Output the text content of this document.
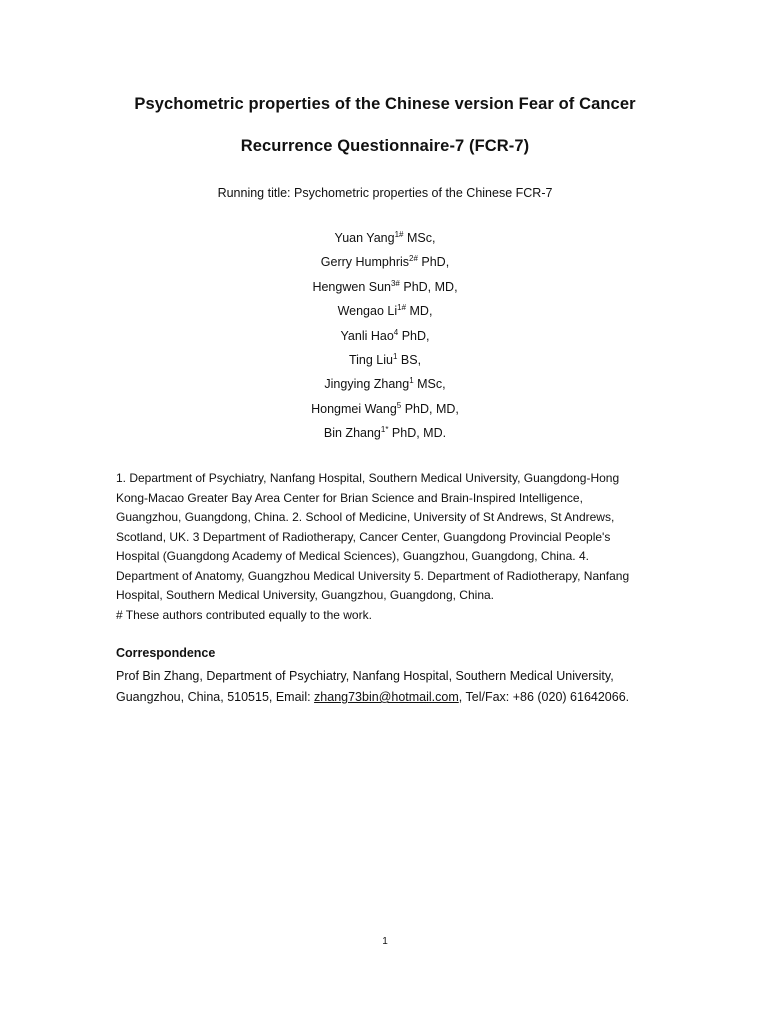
Psychometric properties of the Chinese version Fear of Cancer
Recurrence Questionnaire-7 (FCR-7)
Running title: Psychometric properties of the Chinese FCR-7
Yuan Yang$^{1\#}$ MSc,
Gerry Humphris$^{2\#}$ PhD,
Hengwen Sun$^{3\#}$ PhD, MD,
Wengao $Li^{1\#}$ MD,
Yanli Hao$^4$ PhD,
Ting Liu$^1$ BS,
Jingying Zhang$^1$ MSc,
Hongmei Wang$^5$ PhD, MD,
Bin Zhang$^{1*}$ PhD, MD.

1. Department of Psychiatry, Nanfang Hospital, Southern Medical University, Guangdong-Hong
Kong-Macao Greater Bay Area Center for Brian Science and Brain-Inspired Intelligence,
Guangzhou, Guangdong, China. 2. School of Medicine, University of St Andrews, St Andrews,
Scotland, UK. 3 Department of Radiotherapy, Cancer Center, Guangdong Provincial People's
Hospital (Guangdong Academy of Medical Sciences), Guangzhou, Guangdong, China. 4.
Department of Anatomy, Guangzhou Medical University 5. Department of Radiotherapy, Nanfang
Hospital, Southern Medical University, Guangzhou, Guangdong, China.
# These authors contributed equally to the work.

Correspondence
Prof Bin Zhang, Department of Psychiatry, Nanfang Hospital, Southern Medical University,
Guangzhou, China, 510515, Email: zhang73bin@hotmail.com, Tel/Fax: +86 (020) 61642066.
1
